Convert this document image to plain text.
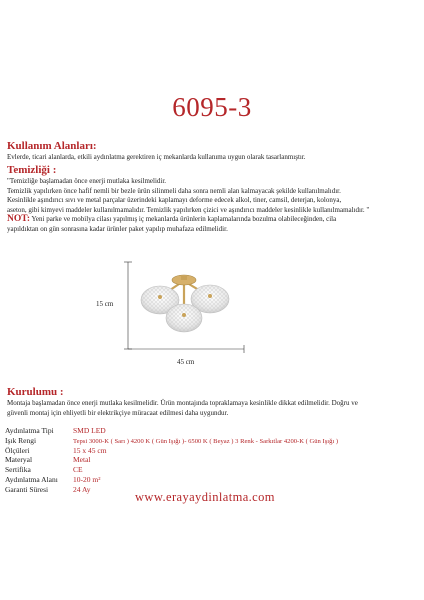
6095-3
Kullanım Alanları:
Evlerde, ticari alanlarda, etkili aydınlatma gerektiren iç mekanlarda kullanıma uygun olarak tasarlanmıştır.
Temizliği :
"Temizliğe başlamadan önce enerji mutlaka kesilmelidir.
Temizlik yapılırken önce hafif nemli bir bezle ürün silinmeli daha sonra nemli alan kalmayacak şekilde kullanılmalıdır.
Kesinlikle aşındırıcı sıvı ve metal parçalar üzerindeki kaplamayı deforme edecek alkol, tiner, camsil, deterjan, kolonya,
aseton, gibi kimyevi maddeler kullanılmamalıdır. Temizlik yapılırken çizici ve aşındırıcı maddeler kesinlikle kullanılmamalıdır. "
NOT: Yeni parke ve mobilya cilası yapılmış iç mekanlarda ürünlerin kaplamalarında bozulma olabileceğinden, cila
yapıldıktan on gün sonrasına kadar ürünler paket yapılıp muhafaza edilmelidir.
15 cm
45 cm
Kurulumu :
Montaja başlamadan önce enerji mutlaka kesilmelidir. Ürün montajında topraklamaya kesinlikle dikkat edilmelidir. Doğru ve
güvenli montaj için ehliyetli bir elektrikçiye müracaat edilmesi daha uygundur.
Aydınlatma Tipi	SMD LED
Işık Rengi	Tepsi 3000-K ( Sarı ) 4200 K ( Gün Işığı )- 6500 K ( Beyaz ) 3 Renk - Sarkıtlar 4200-K ( Gün Işığı )
Ölçüleri	15 x 45 cm
Materyal	Metal
Sertifika	CE
Aydınlatma Alanı 10-20 m²
Garanti Süresi	24 Ay
www.erayaydinlatma.com
